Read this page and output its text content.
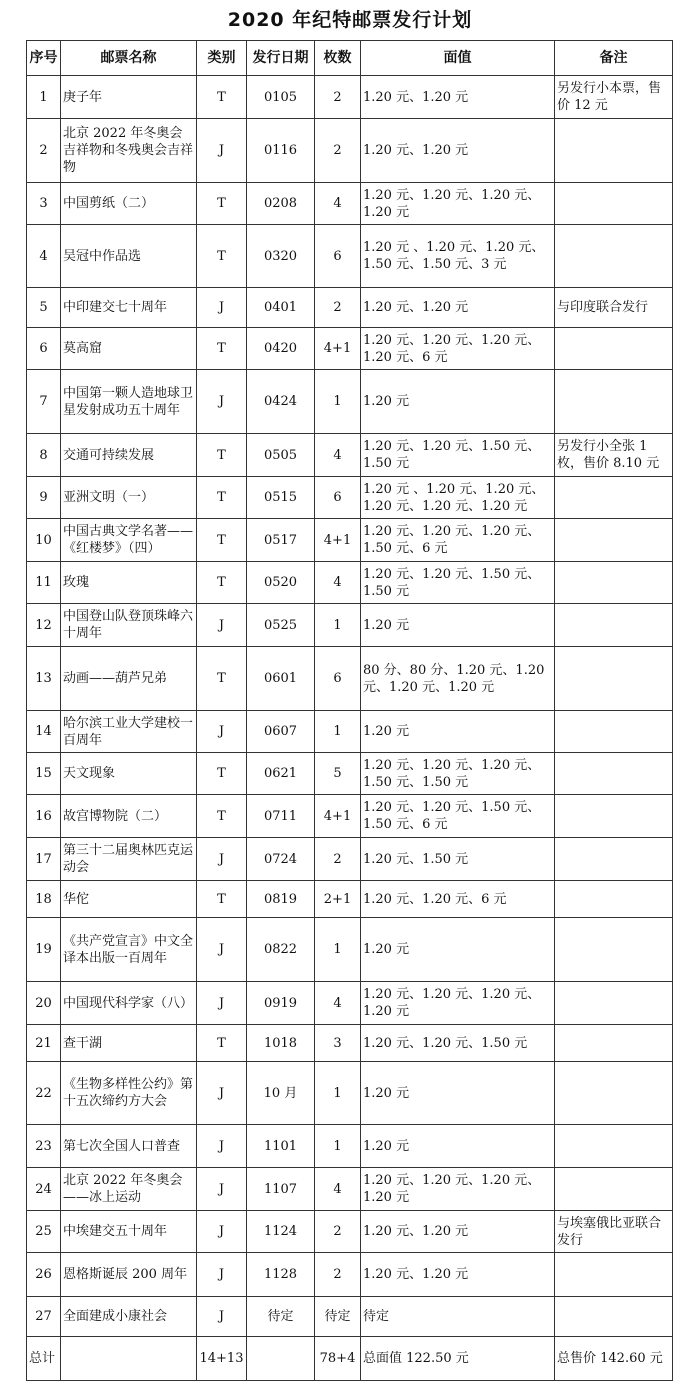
2020 年纪特邮票发行计划
序号	邮票名称	类别	发行日期	枚数	面值	备注
1	庚子年	T	0105	2	1.20 元、1.20 元	另发行小本票，售价 12 元
2	北京 2022 年冬奥会吉祥物和冬残奥会吉祥物	J	0116	2	1.20 元、1.20 元	
3	中国剪纸（二）	T	0208	4	1.20 元、1.20 元、1.20 元、1.20 元	
4	吴冠中作品选	T	0320	6	1.20 元 、1.20 元、1.20 元、1.50 元、1.50 元、3 元	
5	中印建交七十周年	J	0401	2	1.20 元、1.20 元	与印度联合发行
6	莫高窟	T	0420	4+1	1.20 元、1.20 元、1.20 元、1.20 元、6 元	
7	中国第一颗人造地球卫星发射成功五十周年	J	0424	1	1.20 元	
8	交通可持续发展	T	0505	4	1.20 元、1.20 元、1.50 元、1.50 元	另发行小全张 1 枚，售价 8.10 元
9	亚洲文明（一）	T	0515	6	1.20 元 、1.20 元、1.20 元、1.20 元、1.20 元、1.20 元	
10	中国古典文学名著——《红楼梦》（四）	T	0517	4+1	1.20 元、1.20 元、1.20 元、1.50 元、6 元	
11	玫瑰	T	0520	4	1.20 元、1.20 元、1.50 元、1.50 元	
12	中国登山队登顶珠峰六十周年	J	0525	1	1.20 元	
13	动画——葫芦兄弟	T	0601	6	80 分、80 分、1.20 元、1.20 元、1.20 元、1.20 元	
14	哈尔滨工业大学建校一百周年	J	0607	1	1.20 元	
15	天文现象	T	0621	5	1.20 元、1.20 元、1.20 元、1.50 元、1.50 元	
16	故宫博物院（二）	T	0711	4+1	1.20 元、1.20 元、1.50 元、1.50 元、6 元	
17	第三十二届奥林匹克运动会	J	0724	2	1.20 元、1.50 元	
18	华佗	T	0819	2+1	1.20 元、1.20 元、6 元	
19	《共产党宣言》中文全译本出版一百周年	J	0822	1	1.20 元	
20	中国现代科学家（八）	J	0919	4	1.20 元、1.20 元、1.20 元、1.20 元	
21	查干湖	T	1018	3	1.20 元、1.20 元、1.50 元	
22	《生物多样性公约》第十五次缔约方大会	J	10 月	1	1.20 元	
23	第七次全国人口普查	J	1101	1	1.20 元	
24	北京 2022 年冬奥会——冰上运动	J	1107	4	1.20 元、1.20 元、1.20 元、1.20 元	
25	中埃建交五十周年	J	1124	2	1.20 元、1.20 元	与埃塞俄比亚联合发行
26	恩格斯诞辰 200 周年	J	1128	2	1.20 元、1.20 元	
27	全面建成小康社会	J	待定	待定	待定	
总计		14+13		78+4	总面值 122.50 元	总售价 142.60 元
